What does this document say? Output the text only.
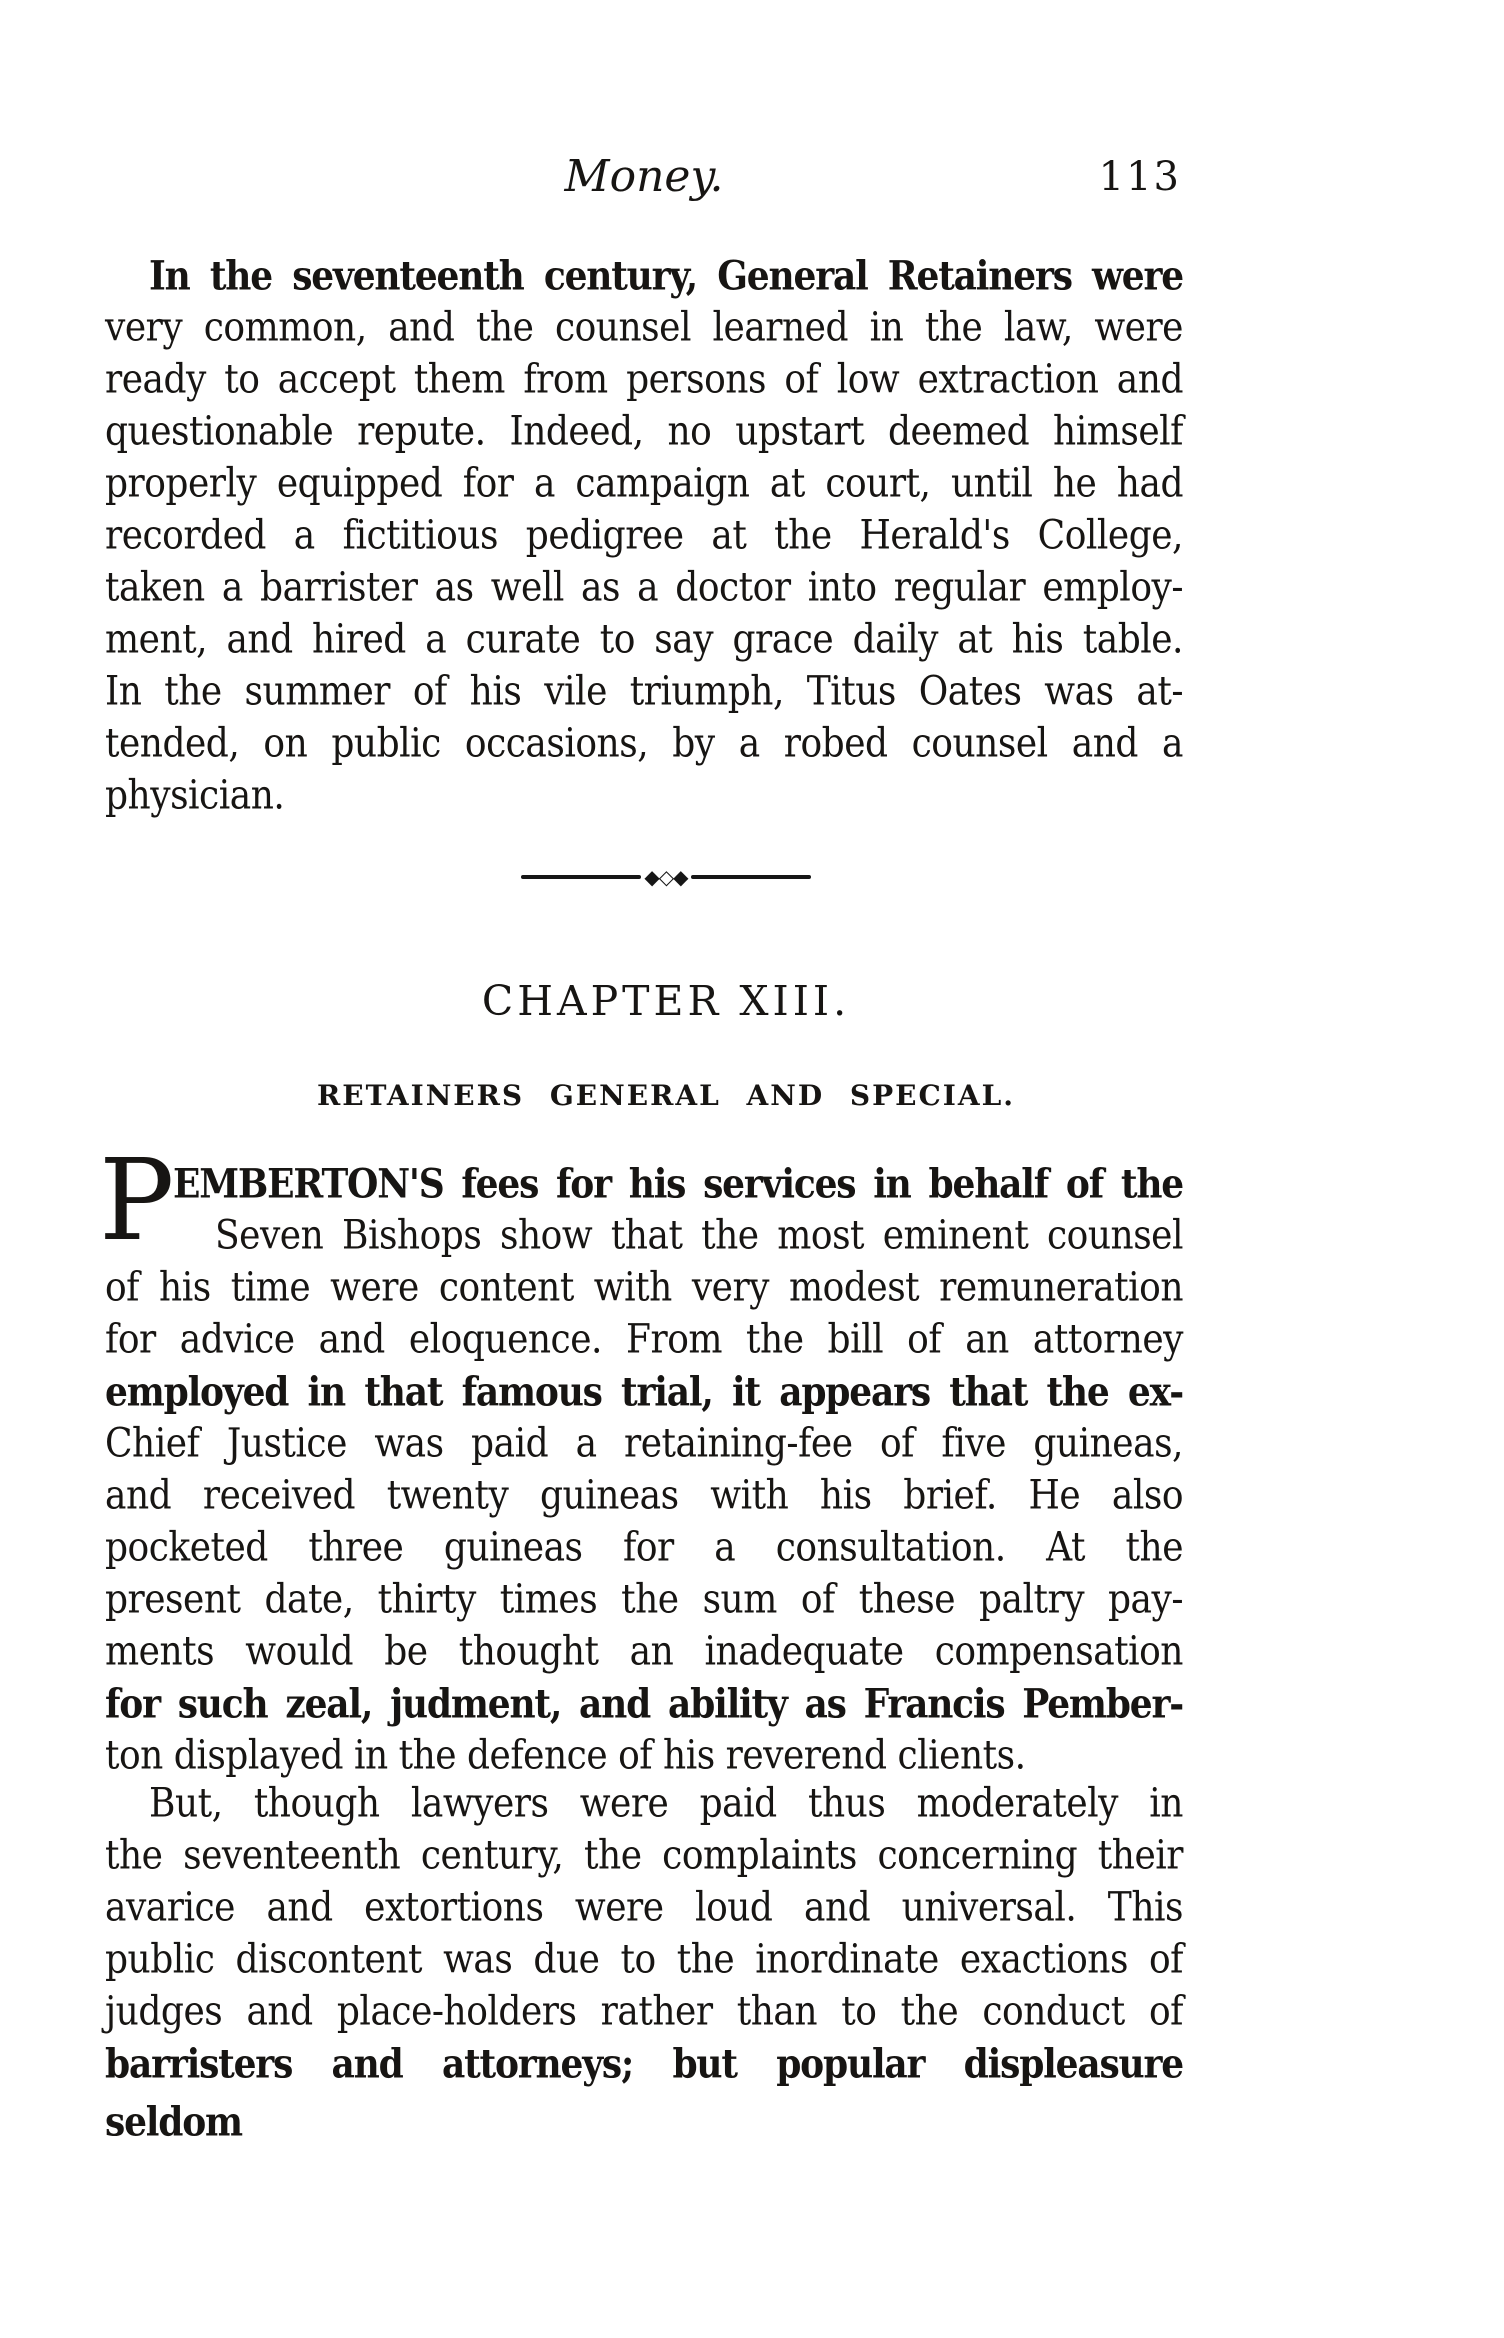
Money.	113
In the seventeenth century, General Retainers were
very common, and the counsel learned in the law, were
ready to accept them from persons of low extraction and
questionable repute. Indeed, no upstart deemed himself
properly equipped for a campaign at court, until he had
recorded a fictitious pedigree at the Herald's College,
taken a barrister as well as a doctor into regular employ-
ment, and hired a curate to say grace daily at his table.
In the summer of his vile triumph, Titus Oates was at-
tended, on public occasions, by a robed counsel and a
physician.
◆◇◆
CHAPTER XIII.
RETAINERS GENERAL AND SPECIAL.
P
EMBERTON'S fees for his services in behalf of the
Seven Bishops show that the most eminent counsel
of his time were content with very modest remuneration
for advice and eloquence. From the bill of an attorney
employed in that famous trial, it appears that the ex-
Chief Justice was paid a retaining-fee of five guineas,
and received twenty guineas with his brief. He also
pocketed three guineas for a consultation. At the
present date, thirty times the sum of these paltry pay-
ments would be thought an inadequate compensation
for such zeal, judment, and ability as Francis Pember-
ton displayed in the defence of his reverend clients.
But, though lawyers were paid thus moderately in
the seventeenth century, the complaints concerning their
avarice and extortions were loud and universal. This
public discontent was due to the inordinate exactions of
judges and place-holders rather than to the conduct of
barristers and attorneys; but popular displeasure seldom
